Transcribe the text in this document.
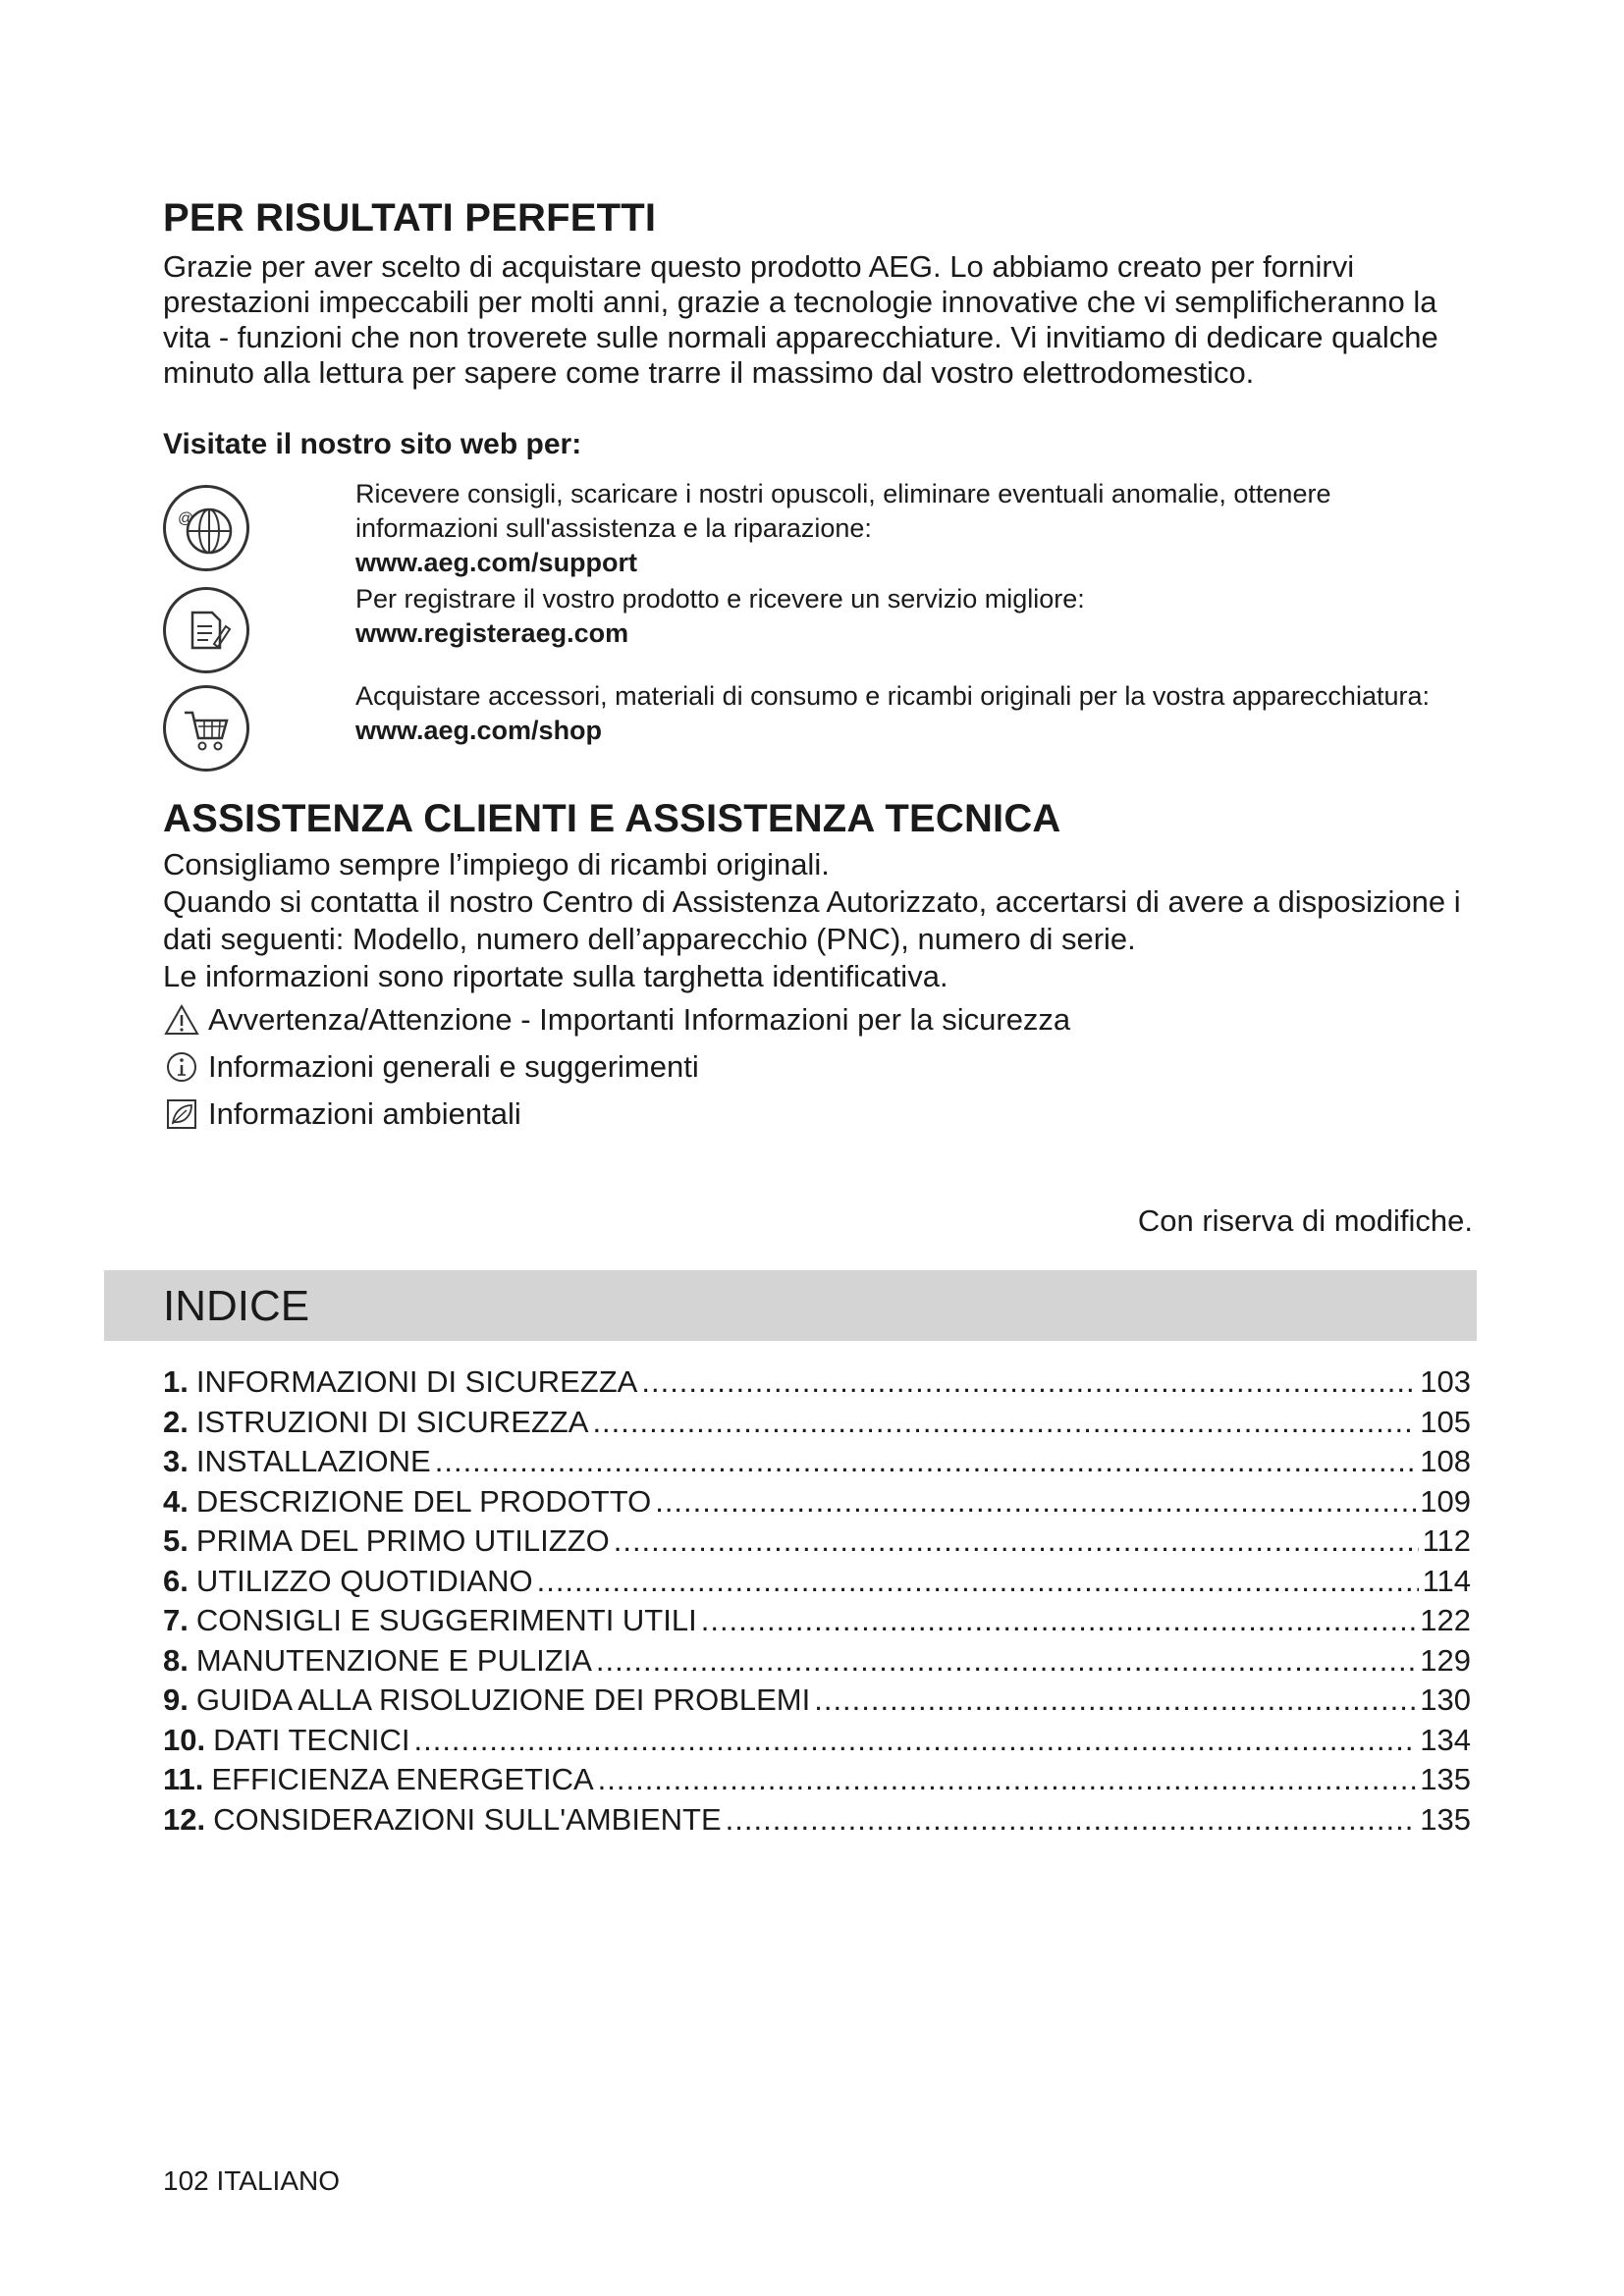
PER RISULTATI PERFETTI

Grazie per aver scelto di acquistare questo prodotto AEG. Lo abbiamo creato per fornirvi prestazioni impeccabili per molti anni, grazie a tecnologie innovative che vi semplificheranno la vita - funzioni che non troverete sulle normali apparecchiature. Vi invitiamo di dedicare qualche minuto alla lettura per sapere come trarre il massimo dal vostro elettrodomestico.

Visitate il nostro sito web per:

@

Ricevere consigli, scaricare i nostri opuscoli, eliminare eventuali anomalie, ottenere informazioni sull'assistenza e la riparazione:

www.aeg.com/support

Per registrare il vostro prodotto e ricevere un servizio migliore:

www.registeraeg.com

Acquistare accessori, materiali di consumo e ricambi originali per la vostra apparecchiatura:

www.aeg.com/shop

ASSISTENZA CLIENTI E ASSISTENZA TECNICA

Consigliamo sempre l’impiego di ricambi originali.
Quando si contatta il nostro Centro di Assistenza Autorizzato, accertarsi di avere a disposizione i dati seguenti: Modello, numero dell’apparecchio (PNC), numero di serie.
Le informazioni sono riportate sulla targhetta identificativa.

Avvertenza/Attenzione - Importanti Informazioni per la sicurezza
Informazioni generali e suggerimenti
Informazioni ambientali
Con riserva di modifiche.
INDICE
1. INFORMAZIONI DI SICUREZZA .....	103
2. ISTRUZIONI DI SICUREZZA .....	105
3. INSTALLAZIONE .....	108
4. DESCRIZIONE DEL PRODOTTO .....	109
5. PRIMA DEL PRIMO UTILIZZO .....	112
6. UTILIZZO QUOTIDIANO .....	114
7. CONSIGLI E SUGGERIMENTI UTILI .....	122
8. MANUTENZIONE E PULIZIA .....	129
9. GUIDA ALLA RISOLUZIONE DEI PROBLEMI .....	130
10. DATI TECNICI .....	134
11. EFFICIENZA ENERGETICA .....	135
12. CONSIDERAZIONI SULL'AMBIENTE .....	135
102 ITALIANO
